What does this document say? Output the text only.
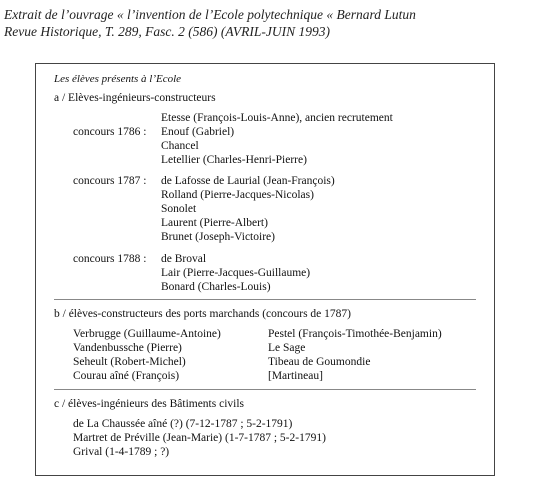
Extrait de l’ouvrage « l’invention de l’Ecole polytechnique « Bernard Lutun
Revue Historique, T. 289, Fasc. 2 (586) (AVRIL-JUIN 1993)
Les élèves présents à l’Ecole
a / Elèves-ingénieurs-constructeurs
Etesse (François-Louis-Anne), ancien recrutement
concours 1786 : Enouf (Gabriel)
Chancel
Letellier (Charles-Henri-Pierre)
concours 1787 : de Lafosse de Laurial (Jean-François)
Rolland (Pierre-Jacques-Nicolas)
Sonolet
Laurent (Pierre-Albert)
Brunet (Joseph-Victoire)
concours 1788 : de Broval
Lair (Pierre-Jacques-Guillaume)
Bonard (Charles-Louis)
b / élèves-constructeurs des ports marchands (concours de 1787)
Verbrugge (Guillaume-Antoine)
Vandenbussche (Pierre)
Seheult (Robert-Michel)
Courau aîné (François)
Pestel (François-Timothée-Benjamin)
Le Sage
Tibeau de Goumondie
[Martineau]
c / élèves-ingénieurs des Bâtiments civils
de La Chaussée aîné (?) (7-12-1787 ; 5-2-1791)
Martret de Préville (Jean-Marie) (1-7-1787 ; 5-2-1791)
Grival (1-4-1789 ; ?)
